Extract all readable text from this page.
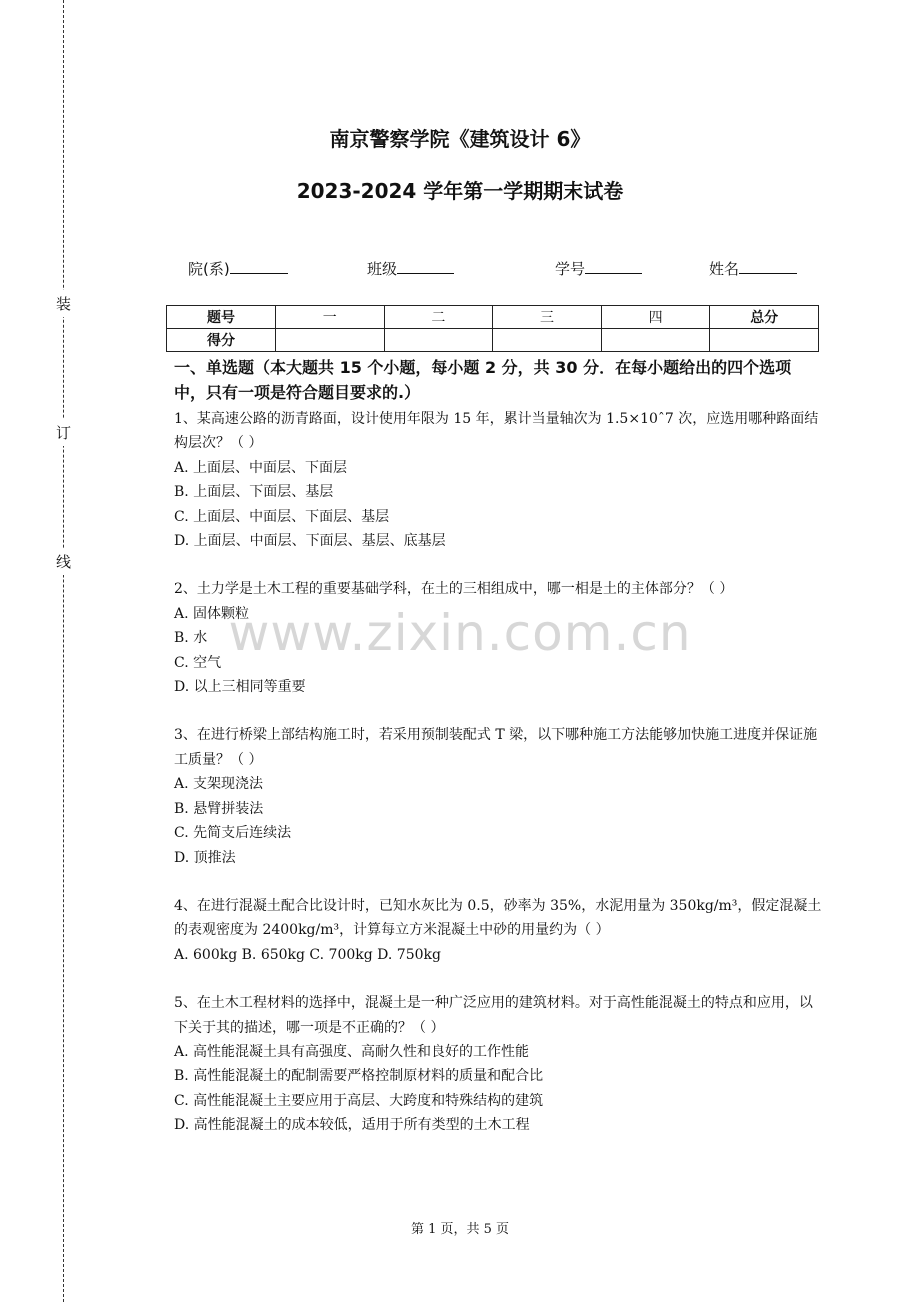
装
订
线
南京警察学院《建筑设计 6》
2023-2024 学年第一学期期末试卷
院(系)	班级	学号	姓名
题号	一	二	三	四	总分
得分					
www.zixin.com.cn

一、单选题（本大题共 15 个小题，每小题 2 分，共 30 分．在每小题给出的四个选项中，只有一项是符合题目要求的.）

1、某高速公路的沥青路面，设计使用年限为 15 年，累计当量轴次为 1.5×10ˆ7 次，应选用哪种路面结构层次？（ ）

A. 上面层、中面层、下面层

B. 上面层、下面层、基层

C. 上面层、中面层、下面层、基层

D. 上面层、中面层、下面层、基层、底基层

2、土力学是土木工程的重要基础学科，在土的三相组成中，哪一相是土的主体部分？（ ）

A. 固体颗粒

B. 水

C. 空气

D. 以上三相同等重要

3、在进行桥梁上部结构施工时，若采用预制装配式 T 梁，以下哪种施工方法能够加快施工进度并保证施工质量？（ ）

A. 支架现浇法

B. 悬臂拼装法

C. 先简支后连续法

D. 顶推法

4、在进行混凝土配合比设计时，已知水灰比为 0.5，砂率为 35%，水泥用量为 350kg/m³，假定混凝土的表观密度为 2400kg/m³，计算每立方米混凝土中砂的用量约为（ ）

A. 600kg B. 650kg C. 700kg D. 750kg

5、在土木工程材料的选择中，混凝土是一种广泛应用的建筑材料。对于高性能混凝土的特点和应用，以下关于其的描述，哪一项是不正确的？（ ）

A. 高性能混凝土具有高强度、高耐久性和良好的工作性能

B. 高性能混凝土的配制需要严格控制原材料的质量和配合比

C. 高性能混凝土主要应用于高层、大跨度和特殊结构的建筑

D. 高性能混凝土的成本较低，适用于所有类型的土木工程

第 1 页，共 5 页
